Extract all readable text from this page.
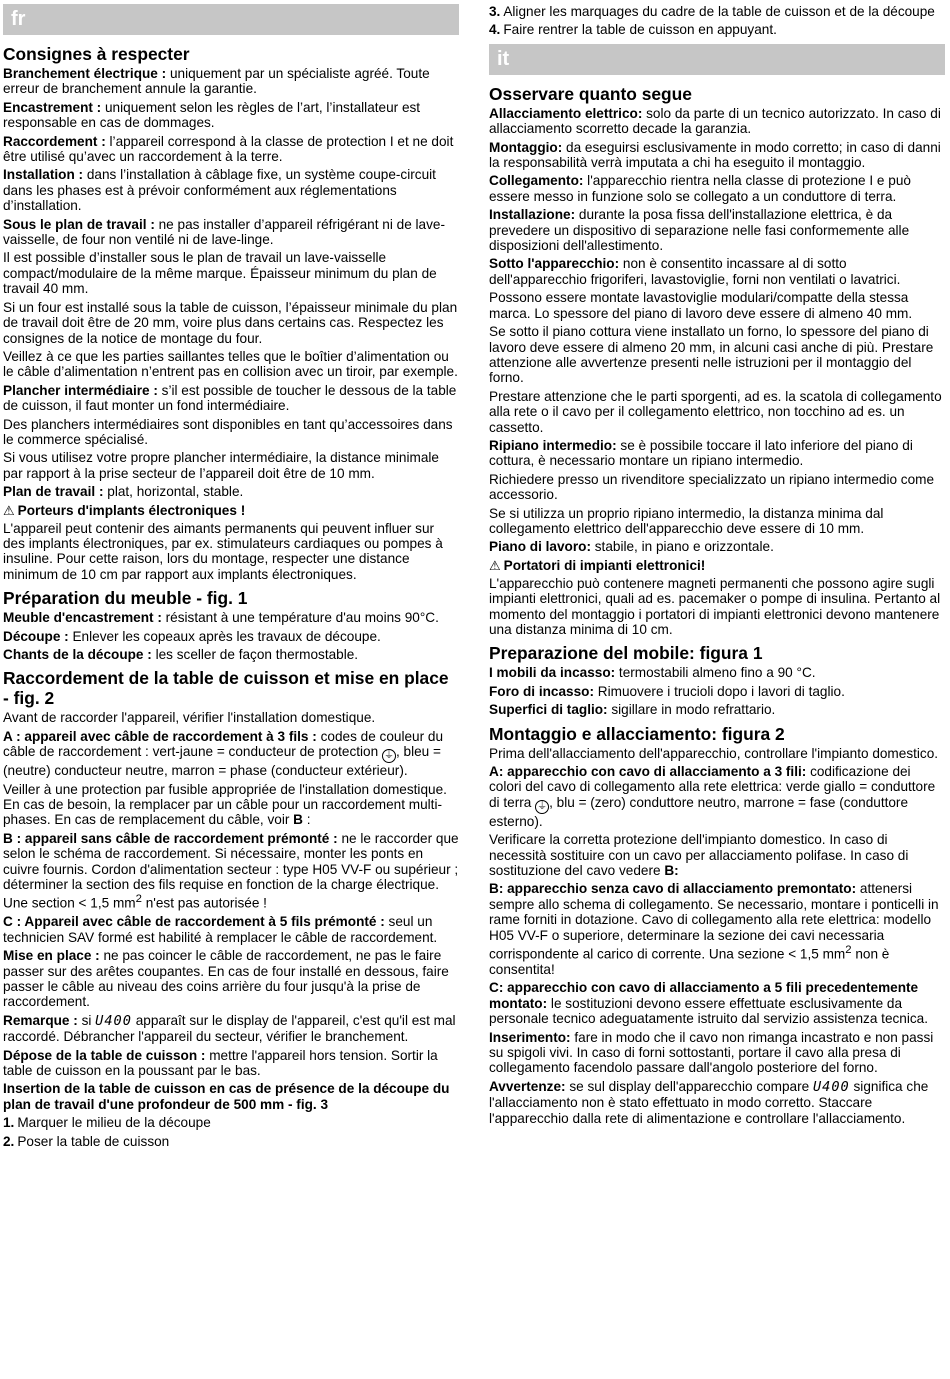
fr
Consignes à respecter

Branchement électrique : uniquement par un spécialiste agréé. Toute erreur de branchement annule la garantie.

Encastrement : uniquement selon les règles de l’art, l’installateur est responsable en cas de dommages.

Raccordement : l’appareil correspond à la classe de protection I et ne doit être utilisé qu’avec un raccordement à la terre.

Installation : dans l’installation à câblage fixe, un système coupe-circuit dans les phases est à prévoir conformément aux réglementations d’installation.

Sous le plan de travail : ne pas installer d’appareil réfrigérant ni de lave-vaisselle, de four non ventilé ni de lave-linge.

Il est possible d’installer sous le plan de travail un lave-vaisselle compact/modulaire de la même marque. Épaisseur minimum du plan de travail 40 mm.

Si un four est installé sous la table de cuisson, l’épaisseur minimale du plan de travail doit être de 20 mm, voire plus dans certains cas. Respectez les consignes de la notice de montage du four.

Veillez à ce que les parties saillantes telles que le boîtier d’alimentation ou le câble d’alimentation n’entrent pas en collision avec un tiroir, par exemple.

Plancher intermédiaire : s’il est possible de toucher le dessous de la table de cuisson, il faut monter un fond intermédiaire.

Des planchers intermédiaires sont disponibles en tant qu’accessoires dans le commerce spécialisé.

Si vous utilisez votre propre plancher intermédiaire, la distance minimale par rapport à la prise secteur de l’appareil doit être de 10 mm.

Plan de travail : plat, horizontal, stable.

⚠ Porteurs d'implants électroniques !

L'appareil peut contenir des aimants permanents qui peuvent influer sur des implants électroniques, par ex. stimulateurs cardiaques ou pompes à insuline. Pour cette raison, lors du montage, respecter une distance minimum de 10 cm par rapport aux implants électroniques.

Préparation du meuble - fig. 1

Meuble d'encastrement : résistant à une température d'au moins 90°C.

Découpe : Enlever les copeaux après les travaux de découpe.

Chants de la découpe : les sceller de façon thermostable.

Raccordement de la table de cuisson et mise en place - fig. 2

Avant de raccorder l'appareil, vérifier l'installation domestique.

A : appareil avec câble de raccordement à 3 fils : codes de couleur du câble de raccordement : vert-jaune = conducteur de protection ⏚ , bleu = (neutre) conducteur neutre, marron = phase (conducteur extérieur).

Veiller à une protection par fusible appropriée de l'installation domestique. En cas de besoin, la remplacer par un câble pour un raccordement multi-phases. En cas de remplacement du câble, voir B :

B : appareil sans câble de raccordement prémonté : ne le raccorder que selon le schéma de raccordement. Si nécessaire, monter les ponts en cuivre fournis. Cordon d'alimentation secteur : type H05 VV-F ou supérieur ; déterminer la section des fils requise en fonction de la charge électrique. Une section < 1,5 $mm^2$ n'est pas autorisée !

C : Appareil avec câble de raccordement à 5 fils prémonté : seul un technicien SAV formé est habilité à remplacer le câble de raccordement.

Mise en place : ne pas coincer le câble de raccordement, ne pas le faire passer sur des arêtes coupantes. En cas de four installé en dessous, faire passer le câble au niveau des coins arrière du four jusqu'à la prise de raccordement.

Remarque : si U400 apparaît sur le display de l'appareil, c'est qu'il est mal raccordé. Débrancher l'appareil du secteur, vérifier le branchement.

Dépose de la table de cuisson : mettre l'appareil hors tension. Sortir la table de cuisson en la poussant par le bas.

Insertion de la table de cuisson en cas de présence de la découpe du plan de travail d'une profondeur de 500 mm - fig. 3

1. Marquer le milieu de la découpe
2. Poser la table de cuisson
3. Aligner les marquages du cadre de la table de cuisson et de la découpe
4. Faire rentrer la table de cuisson en appuyant.
it
Osservare quanto segue

Allacciamento elettrico: solo da parte di un tecnico autorizzato. In caso di allacciamento scorretto decade la garanzia.

Montaggio: da eseguirsi esclusivamente in modo corretto; in caso di danni la responsabilità verrà imputata a chi ha eseguito il montaggio.

Collegamento: l'apparecchio rientra nella classe di protezione I e può essere messo in funzione solo se collegato a un conduttore di terra.

Installazione: durante la posa fissa dell'installazione elettrica, è da prevedere un dispositivo di separazione nelle fasi conformemente alle disposizioni dell'allestimento.

Sotto l'apparecchio: non è consentito incassare al di sotto dell'apparecchio frigoriferi, lavastoviglie, forni non ventilati o lavatrici.

Possono essere montate lavastoviglie modulari/compatte della stessa marca. Lo spessore del piano di lavoro deve essere di almeno 40 mm.

Se sotto il piano cottura viene installato un forno, lo spessore del piano di lavoro deve essere di almeno 20 mm, in alcuni casi anche di più. Prestare attenzione alle avvertenze presenti nelle istruzioni per il montaggio del forno.

Prestare attenzione che le parti sporgenti, ad es. la scatola di collegamento alla rete o il cavo per il collegamento elettrico, non tocchino ad es. un cassetto.

Ripiano intermedio: se è possibile toccare il lato inferiore del piano di cottura, è necessario montare un ripiano intermedio.

Richiedere presso un rivenditore specializzato un ripiano intermedio come accessorio.

Se si utilizza un proprio ripiano intermedio, la distanza minima dal collegamento elettrico dell'apparecchio deve essere di 10 mm.

Piano di lavoro: stabile, in piano e orizzontale.

⚠ Portatori di impianti elettronici!

L'apparecchio può contenere magneti permanenti che possono agire sugli impianti elettronici, quali ad es. pacemaker o pompe di insulina. Pertanto al momento del montaggio i portatori di impianti elettronici devono mantenere una distanza minima di 10 cm.

Preparazione del mobile: figura 1

I mobili da incasso: termostabili almeno fino a 90 °C.

Foro di incasso: Rimuovere i trucioli dopo i lavori di taglio.

Superfici di taglio: sigillare in modo refrattario.

Montaggio e allacciamento: figura 2

Prima dell'allacciamento dell'apparecchio, controllare l'impianto domestico.

A: apparecchio con cavo di allacciamento a 3 fili: codificazione dei colori del cavo di collegamento alla rete elettrica: verde giallo = conduttore di terra ⏚ , blu = (zero) conduttore neutro, marrone = fase (conduttore esterno).

Verificare la corretta protezione dell'impianto domestico. In caso di necessità sostituire con un cavo per allacciamento polifase. In caso di sostituzione del cavo vedere B:

B: apparecchio senza cavo di allacciamento premontato: attenersi sempre allo schema di collegamento. Se necessario, montare i ponticelli in rame forniti in dotazione. Cavo di collegamento alla rete elettrica: modello H05 VV-F o superiore, determinare la sezione dei cavi necessaria corrispondente al carico di corrente. Una sezione < 1,5 $mm^2$ non è consentita!

C: apparecchio con cavo di allacciamento a 5 fili precedentemente montato: le sostituzioni devono essere effettuate esclusivamente da personale tecnico adeguatamente istruito dal servizio assistenza tecnica.

Inserimento: fare in modo che il cavo non rimanga incastrato e non passi su spigoli vivi. In caso di forni sottostanti, portare il cavo alla presa di collegamento facendolo passare dall'angolo posteriore del forno.

Avvertenze: se sul display dell'apparecchio compare U400 significa che l'allacciamento non è stato effettuato in modo corretto. Staccare l'apparecchio dalla rete di alimentazione e controllare l'allacciamento.
